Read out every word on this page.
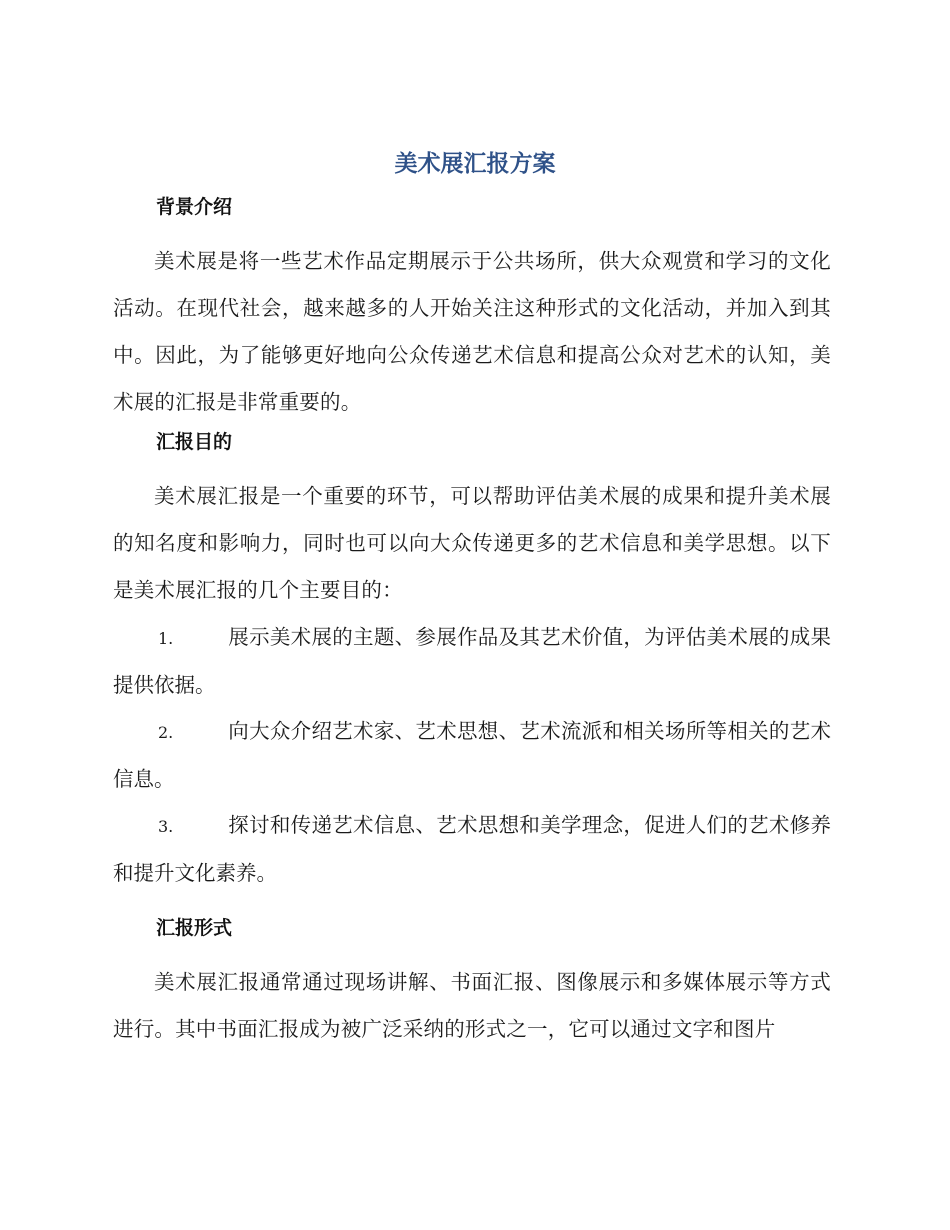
美术展汇报方案
背景介绍

美术展是将一些艺术作品定期展示于公共场所，供大众观赏和学习的文化活动。在现代社会，越来越多的人开始关注这种形式的文化活动，并加入到其中。因此，为了能够更好地向公众传递艺术信息和提高公众对艺术的认知，美术展的汇报是非常重要的。

汇报目的

美术展汇报是一个重要的环节，可以帮助评估美术展的成果和提升美术展的知名度和影响力，同时也可以向大众传递更多的艺术信息和美学思想。以下是美术展汇报的几个主要目的：

1.	展示美术展的主题、参展作品及其艺术价值，为评估美术展的成果提供依据。

2.	向大众介绍艺术家、艺术思想、艺术流派和相关场所等相关的艺术信息。

3.	探讨和传递艺术信息、艺术思想和美学理念，促进人们的艺术修养和提升文化素养。

汇报形式

美术展汇报通常通过现场讲解、书面汇报、图像展示和多媒体展示等方式进行。其中书面汇报成为被广泛采纳的形式之一，它可以通过文字和图片
